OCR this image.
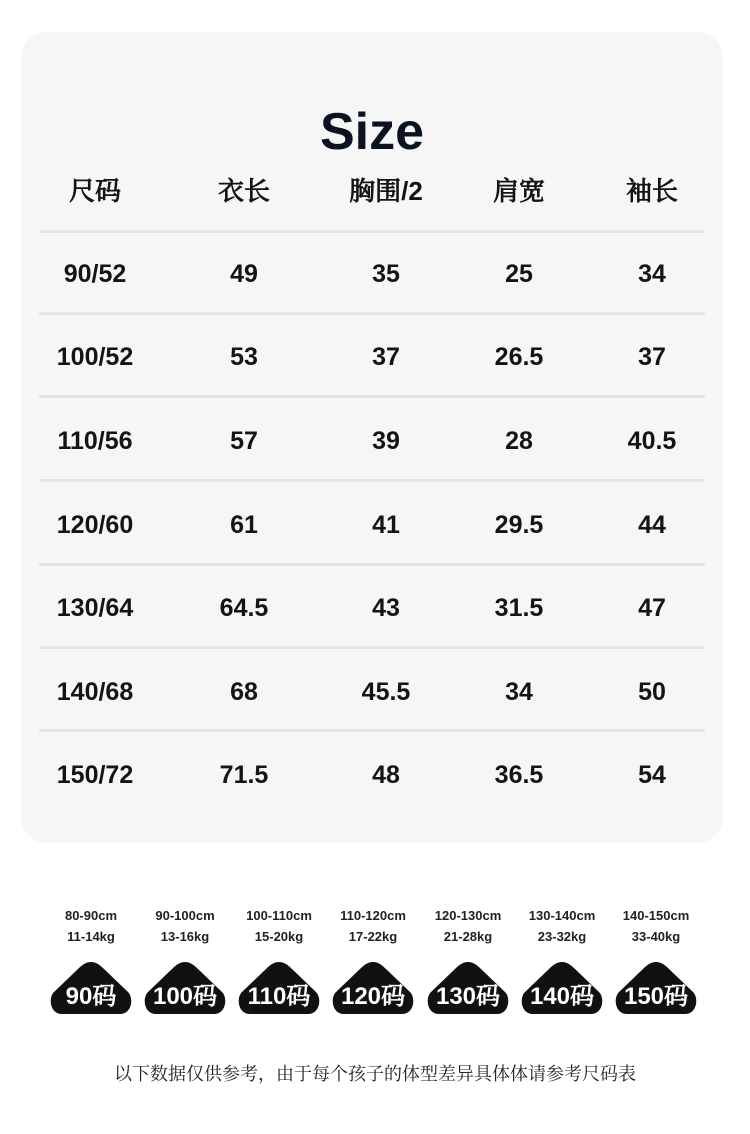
Size
尺码	衣长	胸围/2	肩宽	袖长
90/52	49	35	25	34
100/52	53	37	26.5	37
110/56	57	39	28	40.5
120/60	61	41	29.5	44
130/64	64.5	43	31.5	47
140/68	68	45.5	34	50
150/72	71.5	48	36.5	54
80-90cm
11-14kg
90码
90-100cm
13-16kg
100码
100-110cm
15-20kg
110码
110-120cm
17-22kg
120码
120-130cm
21-28kg
130码
130-140cm
23-32kg
140码
140-150cm
33-40kg
150码
以下数据仅供参考，由于每个孩子的体型差异具体体请参考尺码表
